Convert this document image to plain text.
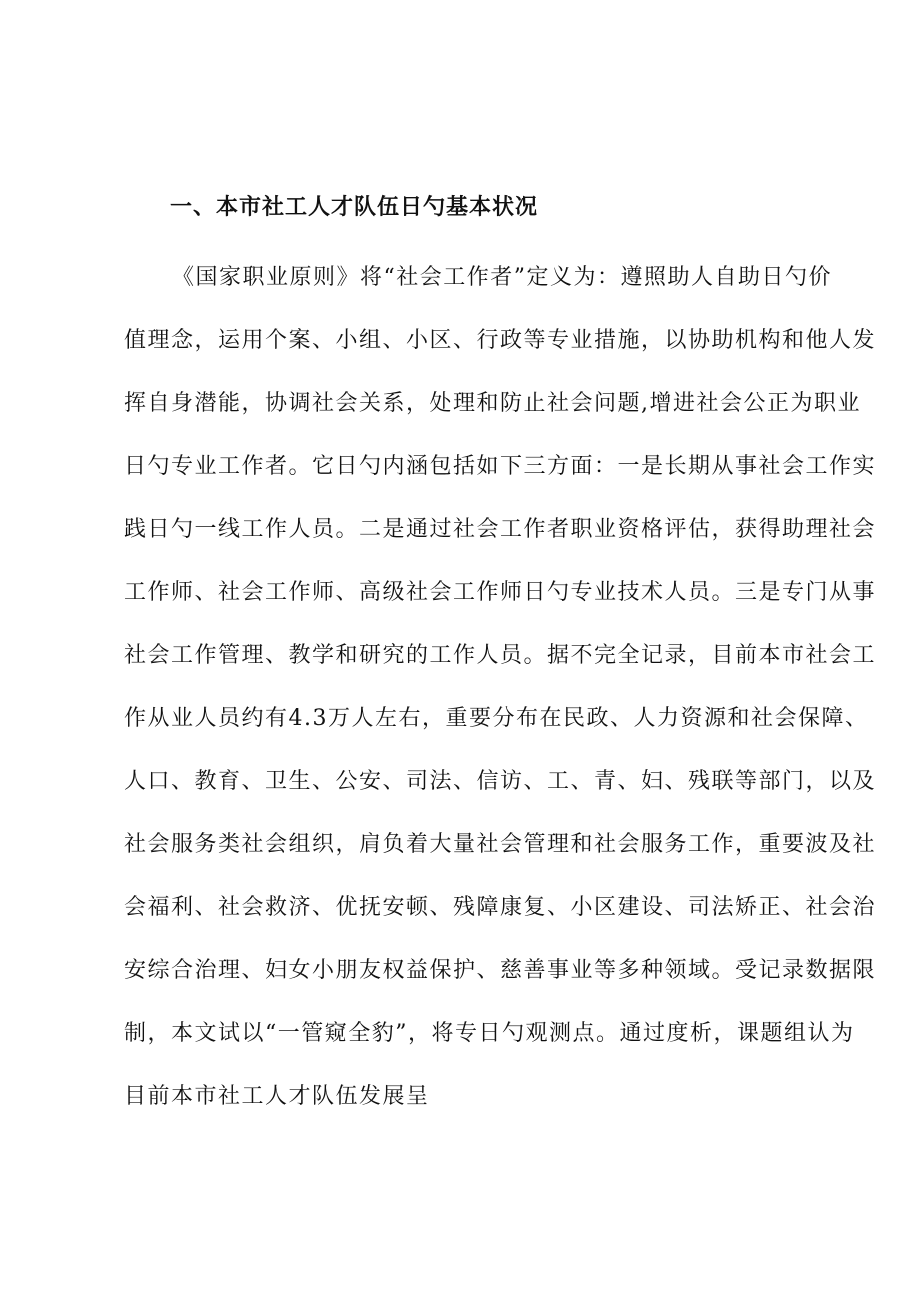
一、本市社工人才队伍日勺基本状况
《国家职业原则》将“社会工作者”定义为：遵照助人自助日勺价
值理念，运用个案、小组、小区、行政等专业措施，以协助机构和他人发
挥自身潜能，协调社会关系，处理和防止社会问题,增进社会公正为职业
日勺专业工作者。它日勺内涵包括如下三方面：一是长期从事社会工作实
践日勺一线工作人员。二是通过社会工作者职业资格评估，获得助理社会
工作师、社会工作师、高级社会工作师日勺专业技术人员。三是专门从事
社会工作管理、教学和研究的工作人员。据不完全记录，目前本市社会工
作从业人员约有4.3万人左右，重要分布在民政、人力资源和社会保障、
人口、教育、卫生、公安、司法、信访、工、青、妇、残联等部门，以及
社会服务类社会组织，肩负着大量社会管理和社会服务工作，重要波及社
会福利、社会救济、优抚安顿、残障康复、小区建设、司法矫正、社会治
安综合治理、妇女小朋友权益保护、慈善事业等多种领域。受记录数据限
制，本文试以“一管窥全豹”，将专日勺观测点。通过度析，课题组认为
目前本市社工人才队伍发展呈
